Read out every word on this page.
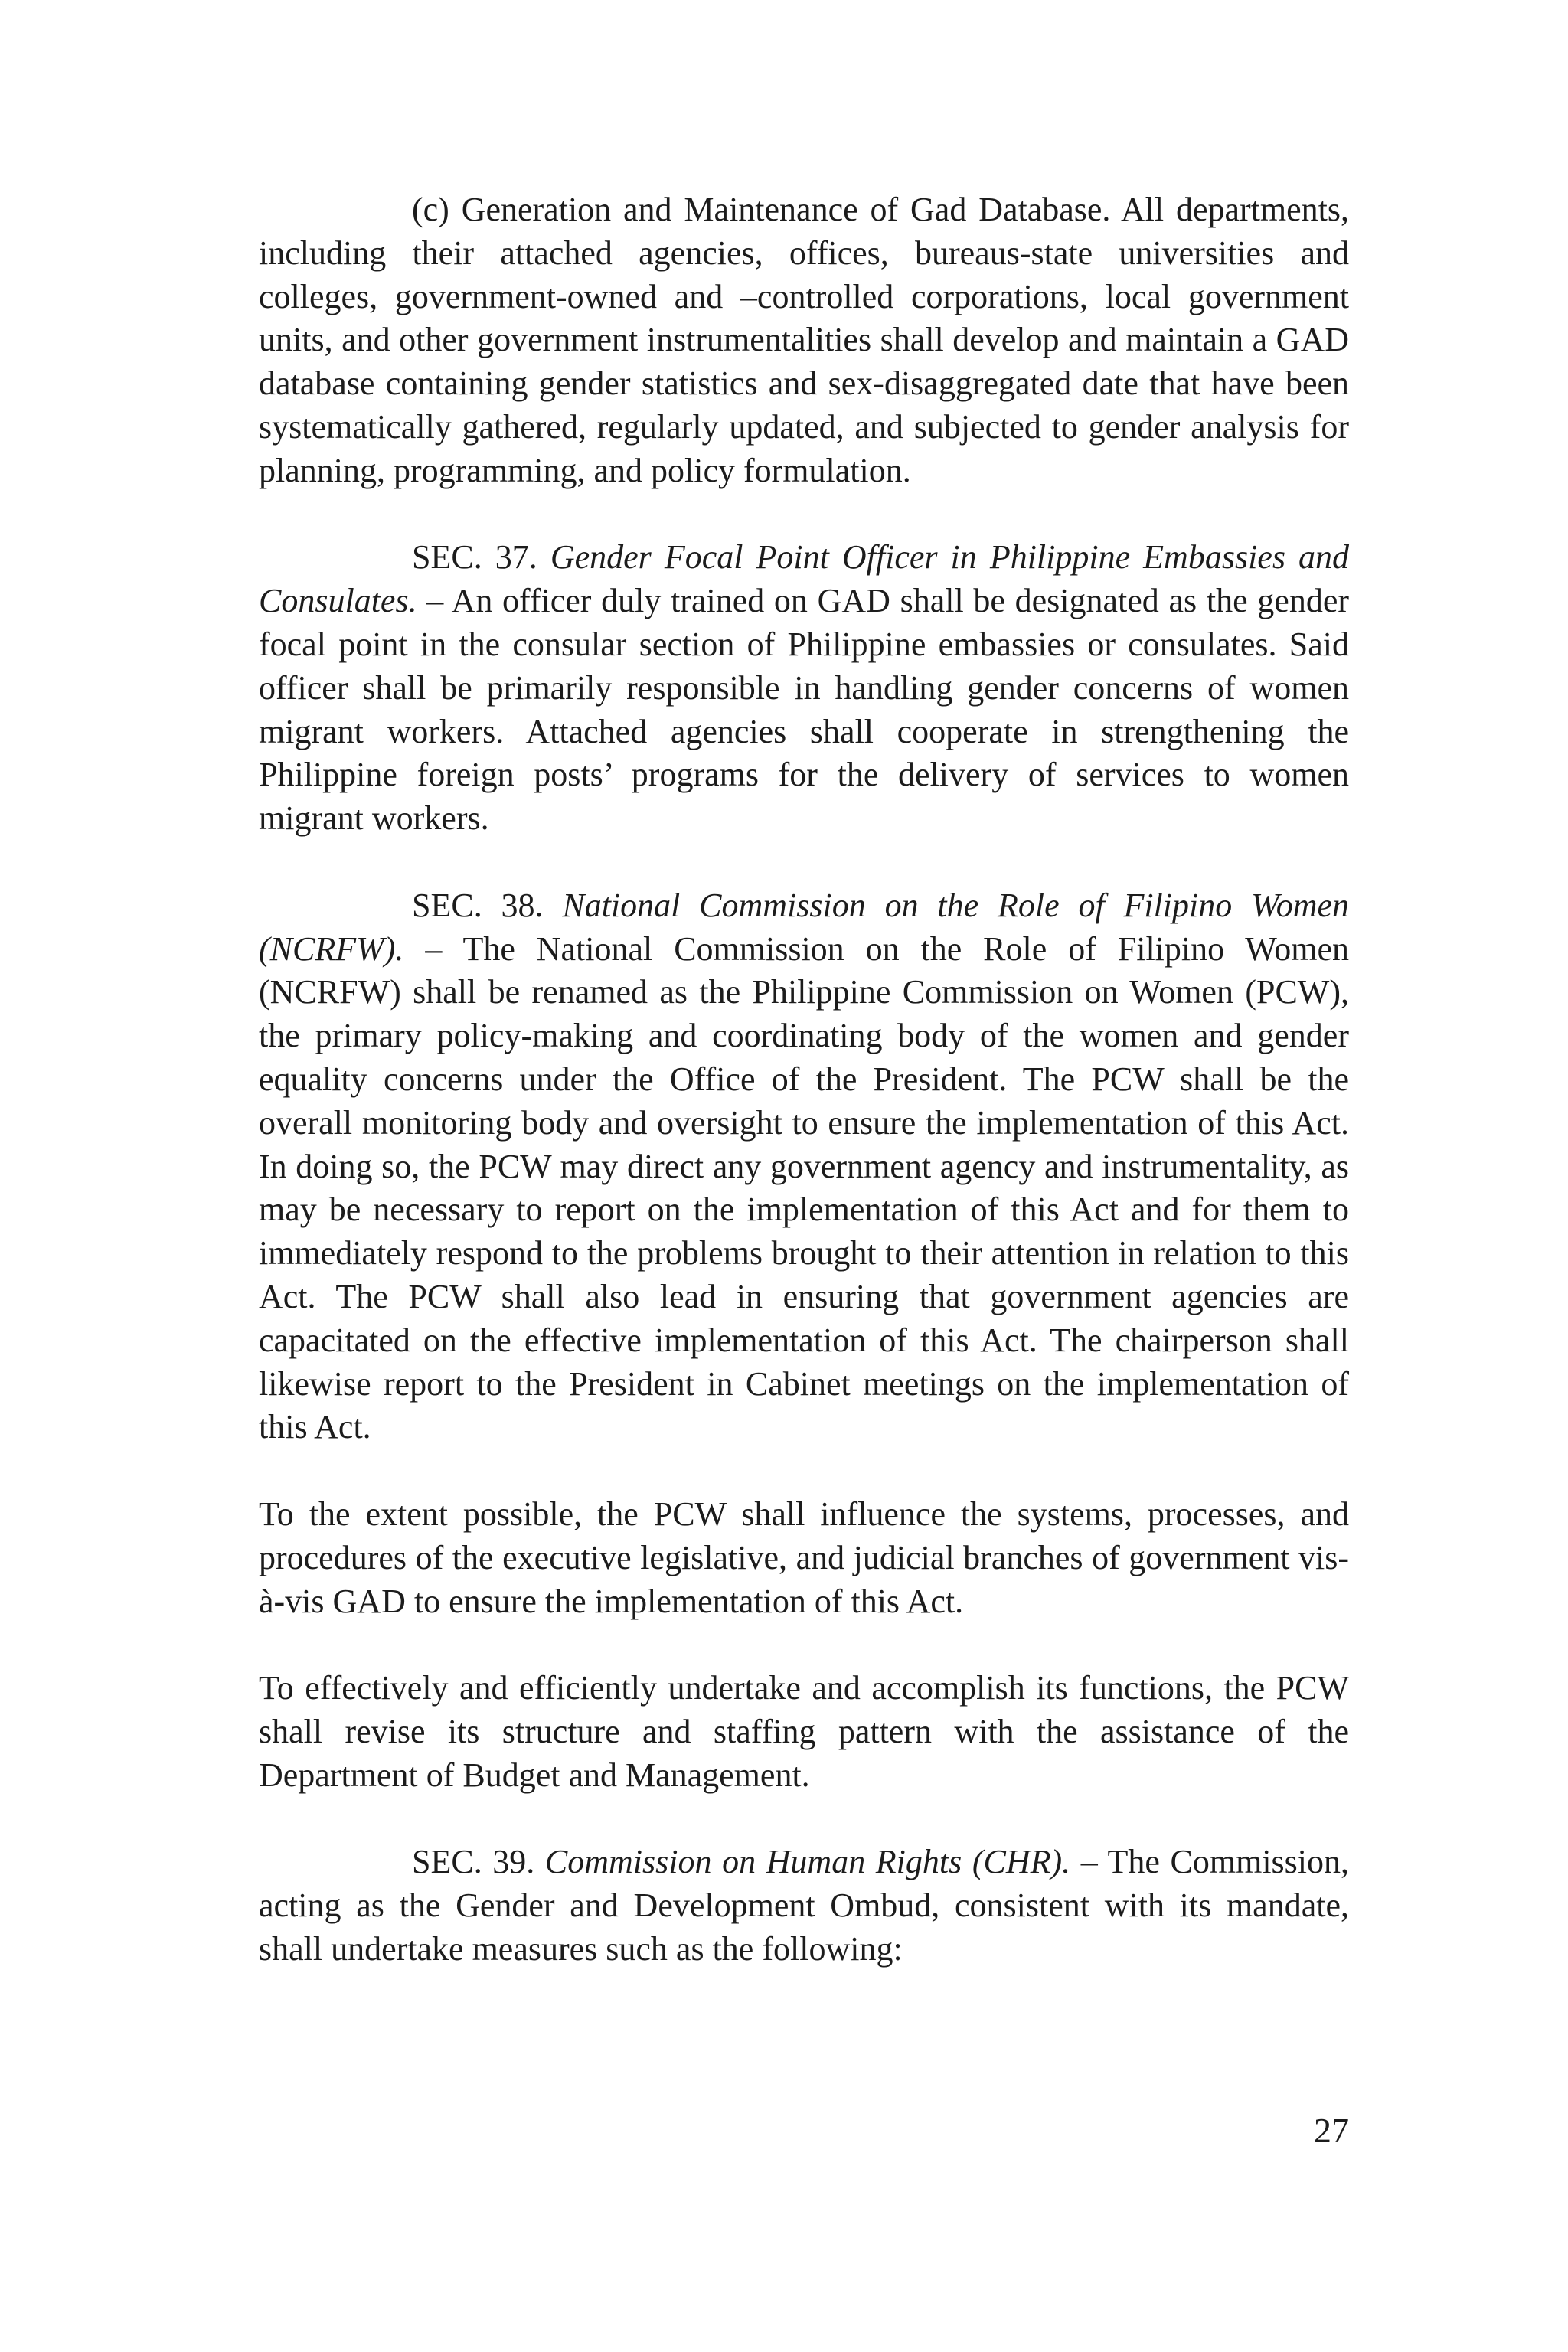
(c) Generation and Maintenance of Gad Database. All departments, including their attached agencies, offices, bureaus-state universities and colleges, government-owned and –controlled corporations, local government units, and other government instrumentalities shall develop and maintain a GAD database containing gender statistics and sex-disaggregated date that have been systematically gathered, regularly updated, and subjected to gender analysis for planning, programming, and policy formulation.

SEC. 37. Gender Focal Point Officer in Philippine Embassies and Consulates. – An officer duly trained on GAD shall be designated as the gender focal point in the consular section of Philippine embassies or consulates. Said officer shall be primarily responsible in handling gender concerns of women migrant workers. Attached agencies shall cooperate in strengthening the Philippine foreign posts’ programs for the delivery of services to women migrant workers.

SEC. 38. National Commission on the Role of Filipino Women (NCRFW). – The National Commission on the Role of Filipino Women (NCRFW) shall be renamed as the Philippine Commission on Women (PCW), the primary policy-making and coordinating body of the women and gender equality concerns under the Office of the President. The PCW shall be the overall monitoring body and oversight to ensure the implementation of this Act. In doing so, the PCW may direct any government agency and instrumentality, as may be necessary to report on the implementation of this Act and for them to immediately respond to the problems brought to their attention in relation to this Act. The PCW shall also lead in ensuring that government agencies are capacitated on the effective implementation of this Act. The chairperson shall likewise report to the President in Cabinet meetings on the implementation of this Act.

To the extent possible, the PCW shall influence the systems, processes, and procedures of the executive legislative, and judicial branches of government vis-à-vis GAD to ensure the implementation of this Act.

To effectively and efficiently undertake and accomplish its functions, the PCW shall revise its structure and staffing pattern with the assistance of the Department of Budget and Management.

SEC. 39. Commission on Human Rights (CHR). – The Commission, acting as the Gender and Development Ombud, consistent with its mandate, shall undertake measures such as the following:

27
